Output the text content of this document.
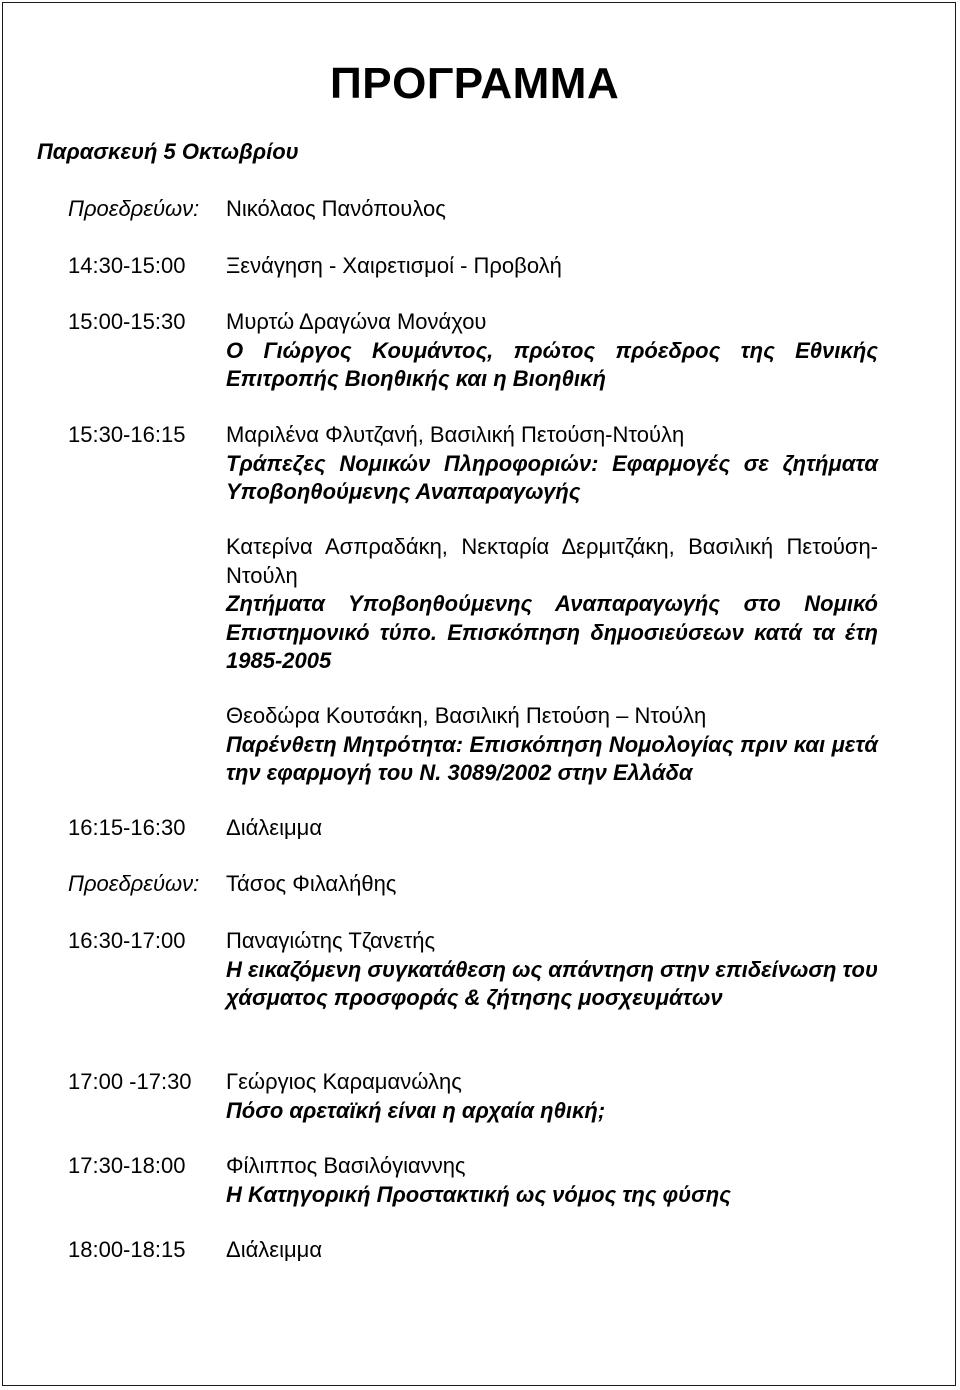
ΠΡΟΓΡΑΜΜΑ
Παρασκευή 5 Οκτωβρίου
Προεδρεύων: Νικόλαος Πανόπουλος
14:30-15:00 Ξενάγηση - Χαιρετισμοί - Προβολή
15:00-15:30 Μυρτώ Δραγώνα Μονάχου
Ο Γιώργος Κουμάντος, πρώτος πρόεδρος της Εθνικής Επιτροπής Βιοηθικής και η Βιοηθική
15:30-16:15 Μαριλένα Φλυτζανή, Βασιλική Πετούση-Ντούλη
Τράπεζες Νομικών Πληροφοριών: Εφαρμογές σε ζητήματα Υποβοηθούμενης Αναπαραγωγής
Κατερίνα Ασπραδάκη, Νεκταρία Δερμιτζάκη, Βασιλική Πετούση-Ντούλη
Ζητήματα Υποβοηθούμενης Αναπαραγωγής στο Νομικό Επιστημονικό τύπο. Επισκόπηση δημοσιεύσεων κατά τα έτη 1985-2005
Θεοδώρα Κουτσάκη, Βασιλική Πετούση – Ντούλη
Παρένθετη Μητρότητα: Επισκόπηση Νομολογίας πριν και μετά την εφαρμογή του Ν. 3089/2002 στην Ελλάδα
16:15-16:30 Διάλειμμα
Προεδρεύων: Τάσος Φιλαλήθης
16:30-17:00 Παναγιώτης Τζανετής
Η εικαζόμενη συγκατάθεση ως απάντηση στην επιδείνωση του χάσματος προσφοράς & ζήτησης μοσχευμάτων
17:00 -17:30 Γεώργιος Καραμανώλης
Πόσο αρεταϊκή είναι η αρχαία ηθική;
17:30-18:00 Φίλιππος Βασιλόγιαννης
Η Κατηγορική Προστακτική ως νόμος της φύσης
18:00-18:15 Διάλειμμα
